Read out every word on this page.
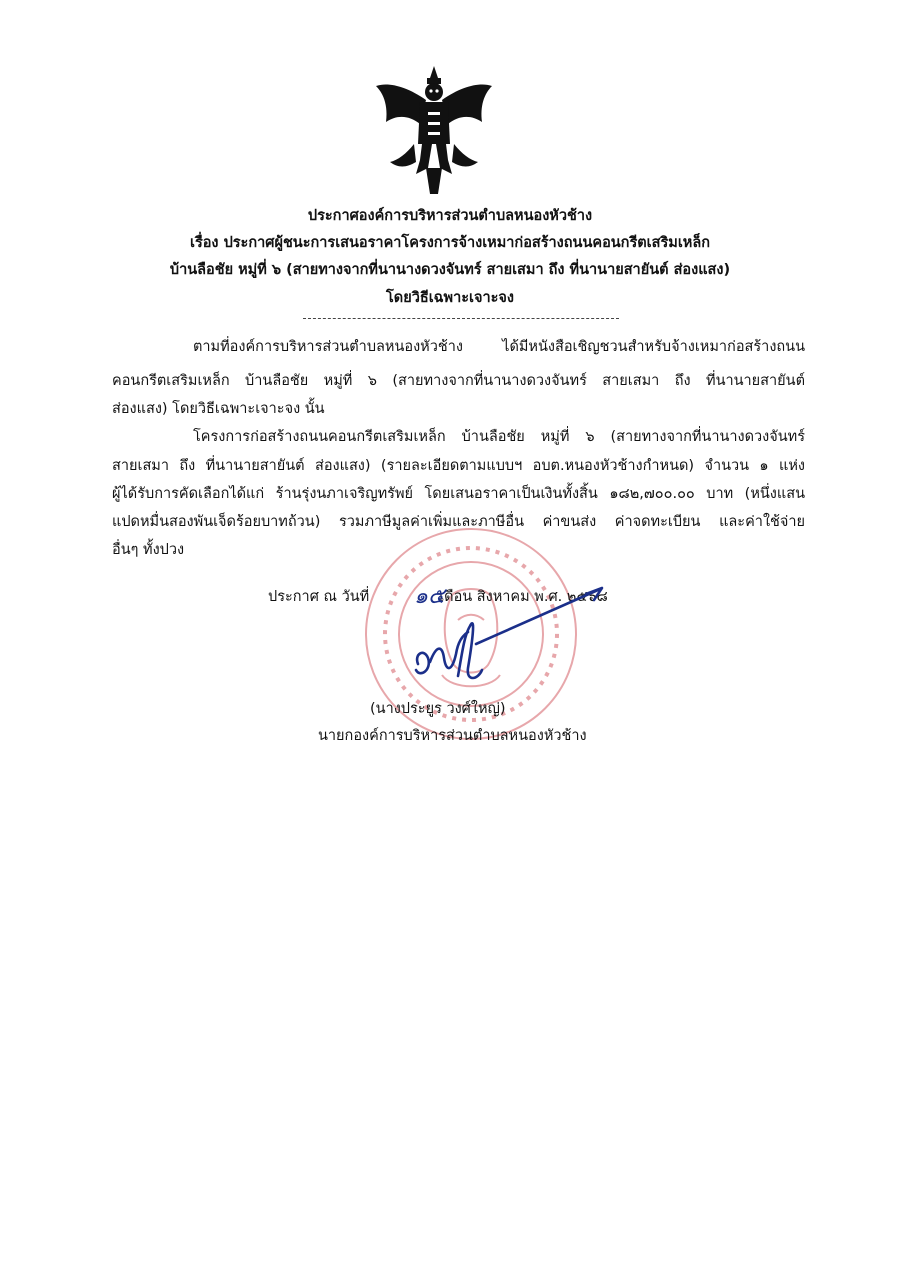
ประกาศองค์การบริหารส่วนตำบลหนองหัวช้าง
เรื่อง ประกาศผู้ชนะการเสนอราคาโครงการจ้างเหมาก่อสร้างถนนคอนกรีตเสริมเหล็ก
บ้านลือชัย หมู่ที่ ๖ (สายทางจากที่นานางดวงจันทร์ สายเสมา ถึง ที่นานายสายันต์ ส่องแสง)
โดยวิธีเฉพาะเจาะจง
ตามที่องค์การบริหารส่วนตำบลหนองหัวช้าง ได้มีหนังสือเชิญชวนสำหรับจ้างเหมาก่อสร้างถนน
คอนกรีตเสริมเหล็ก บ้านลือชัย หมู่ที่ ๖ (สายทางจากที่นานางดวงจันทร์ สายเสมา ถึง ที่นานายสายันต์
ส่องแสง) โดยวิธีเฉพาะเจาะจง นั้น
โครงการก่อสร้างถนนคอนกรีตเสริมเหล็ก บ้านลือชัย หมู่ที่ ๖ (สายทางจากที่นานางดวงจันทร์
สายเสมา ถึง ที่นานายสายันต์ ส่องแสง) (รายละเอียดตามแบบฯ อบต.หนองหัวช้างกำหนด) จำนวน ๑ แห่ง
ผู้ได้รับการคัดเลือกได้แก่ ร้านรุ่งนภาเจริญทรัพย์ โดยเสนอราคาเป็นเงินทั้งสิ้น ๑๘๒,๗๐๐.๐๐ บาท (หนึ่งแสน
แปดหมื่นสองพันเจ็ดร้อยบาทถ้วน) รวมภาษีมูลค่าเพิ่มและภาษีอื่น ค่าขนส่ง ค่าจดทะเบียน และค่าใช้จ่าย
อื่นๆ ทั้งปวง
ประกาศ ณ วันที่	เดือน สิงหาคม พ.ศ. ๒๕๖๘
๑๕
(นางประยูร วงศ์ใหญ่)
นายกองค์การบริหารส่วนตำบลหนองหัวช้าง
